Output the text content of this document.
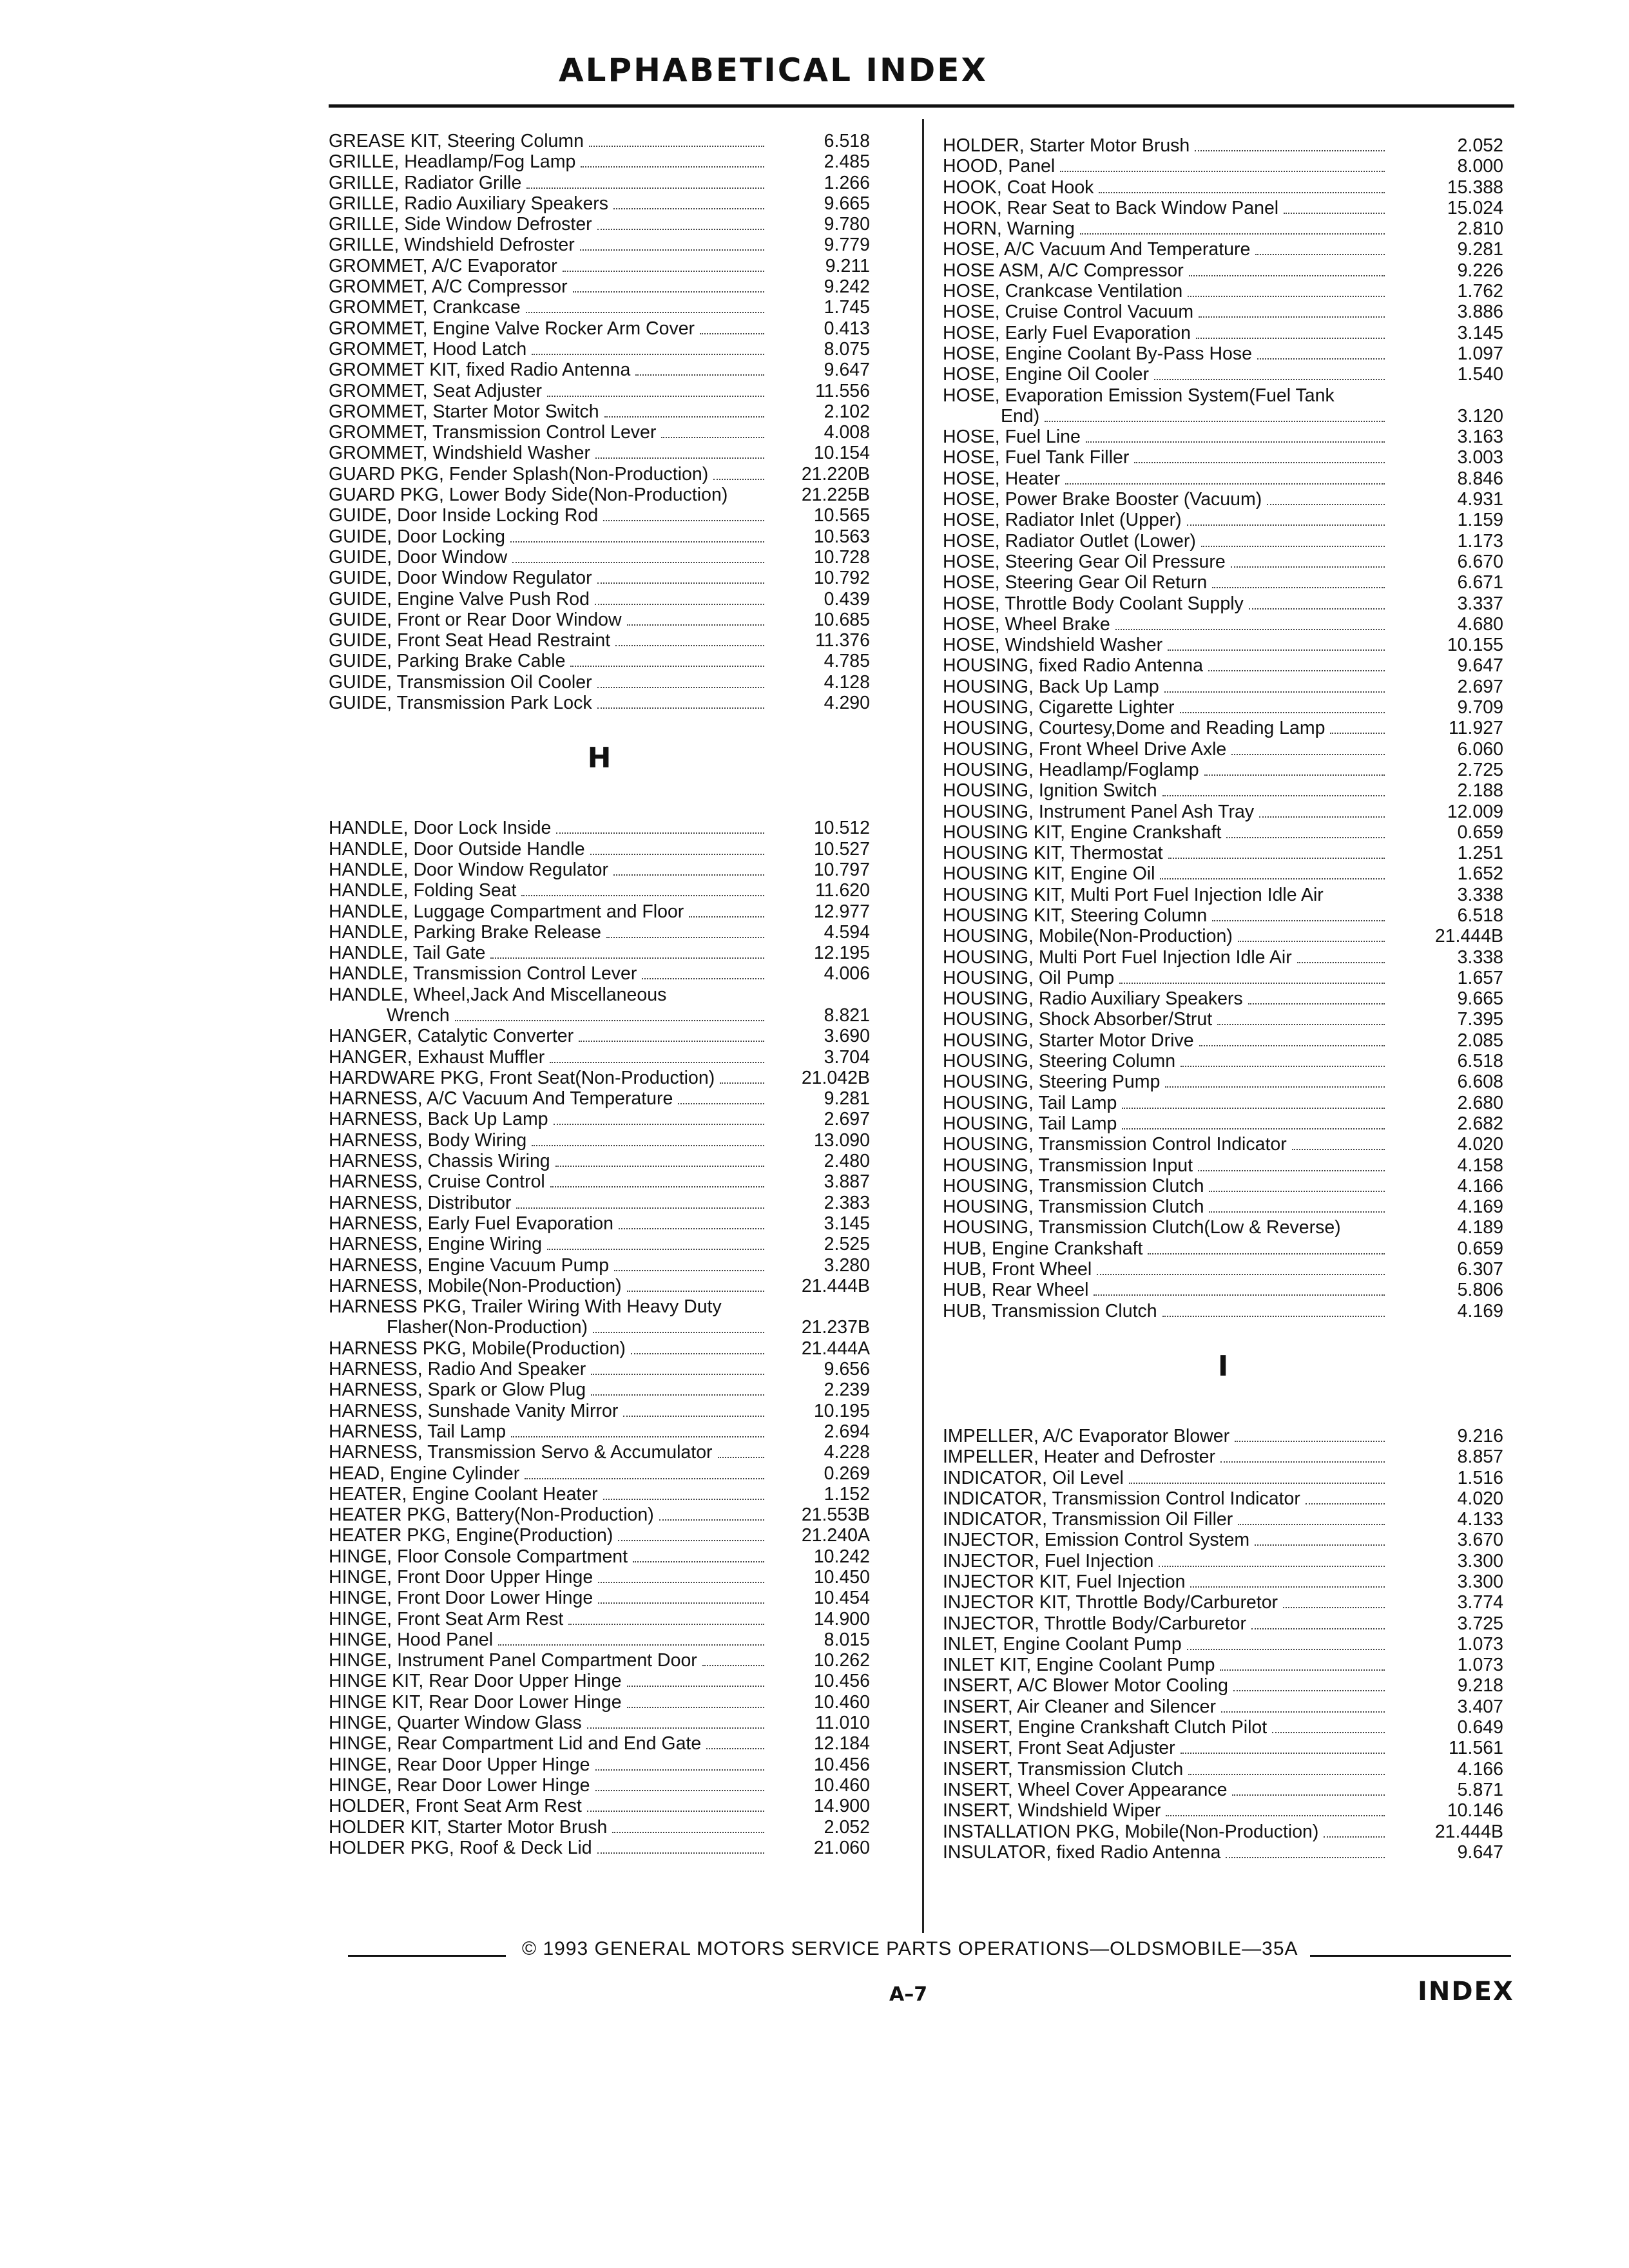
ALPHABETICAL INDEX
GREASE KIT, Steering Column	6.518
GRILLE, Headlamp/Fog Lamp	2.485
GRILLE, Radiator Grille	1.266
GRILLE, Radio Auxiliary Speakers	9.665
GRILLE, Side Window Defroster	9.780
GRILLE, Windshield Defroster	9.779
GROMMET, A/C Evaporator	9.211
GROMMET, A/C Compressor	9.242
GROMMET, Crankcase	1.745
GROMMET, Engine Valve Rocker Arm Cover	0.413
GROMMET, Hood Latch	8.075
GROMMET KIT, fixed Radio Antenna	9.647
GROMMET, Seat Adjuster	11.556
GROMMET, Starter Motor Switch	2.102
GROMMET, Transmission Control Lever	4.008
GROMMET, Windshield Washer	10.154
GUARD PKG, Fender Splash(Non-Production)	21.220B
GUARD PKG, Lower Body Side(Non-Production)	21.225B
GUIDE, Door Inside Locking Rod	10.565
GUIDE, Door Locking	10.563
GUIDE, Door Window	10.728
GUIDE, Door Window Regulator	10.792
GUIDE, Engine Valve Push Rod	0.439
GUIDE, Front or Rear Door Window	10.685
GUIDE, Front Seat Head Restraint	11.376
GUIDE, Parking Brake Cable	4.785
GUIDE, Transmission Oil Cooler	4.128
GUIDE, Transmission Park Lock	4.290
H
HANDLE, Door Lock Inside	10.512
HANDLE, Door Outside Handle	10.527
HANDLE, Door Window Regulator	10.797
HANDLE, Folding Seat	11.620
HANDLE, Luggage Compartment and Floor	12.977
HANDLE, Parking Brake Release	4.594
HANDLE, Tail Gate	12.195
HANDLE, Transmission Control Lever	4.006
HANDLE, Wheel,Jack And Miscellaneous
Wrench	8.821
HANGER, Catalytic Converter	3.690
HANGER, Exhaust Muffler	3.704
HARDWARE PKG, Front Seat(Non-Production)	21.042B
HARNESS, A/C Vacuum And Temperature	9.281
HARNESS, Back Up Lamp	2.697
HARNESS, Body Wiring	13.090
HARNESS, Chassis Wiring	2.480
HARNESS, Cruise Control	3.887
HARNESS, Distributor	2.383
HARNESS, Early Fuel Evaporation	3.145
HARNESS, Engine Wiring	2.525
HARNESS, Engine Vacuum Pump	3.280
HARNESS, Mobile(Non-Production)	21.444B
HARNESS PKG, Trailer Wiring With Heavy Duty
Flasher(Non-Production)	21.237B
HARNESS PKG, Mobile(Production)	21.444A
HARNESS, Radio And Speaker	9.656
HARNESS, Spark or Glow Plug	2.239
HARNESS, Sunshade Vanity Mirror	10.195
HARNESS, Tail Lamp	2.694
HARNESS, Transmission Servo & Accumulator	4.228
HEAD, Engine Cylinder	0.269
HEATER, Engine Coolant Heater	1.152
HEATER PKG, Battery(Non-Production)	21.553B
HEATER PKG, Engine(Production)	21.240A
HINGE, Floor Console Compartment	10.242
HINGE, Front Door Upper Hinge	10.450
HINGE, Front Door Lower Hinge	10.454
HINGE, Front Seat Arm Rest	14.900
HINGE, Hood Panel	8.015
HINGE, Instrument Panel Compartment Door	10.262
HINGE KIT, Rear Door Upper Hinge	10.456
HINGE KIT, Rear Door Lower Hinge	10.460
HINGE, Quarter Window Glass	11.010
HINGE, Rear Compartment Lid and End Gate	12.184
HINGE, Rear Door Upper Hinge	10.456
HINGE, Rear Door Lower Hinge	10.460
HOLDER, Front Seat Arm Rest	14.900
HOLDER KIT, Starter Motor Brush	2.052
HOLDER PKG, Roof & Deck Lid	21.060
HOLDER, Starter Motor Brush	2.052
HOOD, Panel	8.000
HOOK, Coat Hook	15.388
HOOK, Rear Seat to Back Window Panel	15.024
HORN, Warning	2.810
HOSE, A/C Vacuum And Temperature	9.281
HOSE ASM, A/C Compressor	9.226
HOSE, Crankcase Ventilation	1.762
HOSE, Cruise Control Vacuum	3.886
HOSE, Early Fuel Evaporation	3.145
HOSE, Engine Coolant By-Pass Hose	1.097
HOSE, Engine Oil Cooler	1.540
HOSE, Evaporation Emission System(Fuel Tank
End)	3.120
HOSE, Fuel Line	3.163
HOSE, Fuel Tank Filler	3.003
HOSE, Heater	8.846
HOSE, Power Brake Booster (Vacuum)	4.931
HOSE, Radiator Inlet (Upper)	1.159
HOSE, Radiator Outlet (Lower)	1.173
HOSE, Steering Gear Oil Pressure	6.670
HOSE, Steering Gear Oil Return	6.671
HOSE, Throttle Body Coolant Supply	3.337
HOSE, Wheel Brake	4.680
HOSE, Windshield Washer	10.155
HOUSING, fixed Radio Antenna	9.647
HOUSING, Back Up Lamp	2.697
HOUSING, Cigarette Lighter	9.709
HOUSING, Courtesy,Dome and Reading Lamp	11.927
HOUSING, Front Wheel Drive Axle	6.060
HOUSING, Headlamp/Foglamp	2.725
HOUSING, Ignition Switch	2.188
HOUSING, Instrument Panel Ash Tray	12.009
HOUSING KIT, Engine Crankshaft	0.659
HOUSING KIT, Thermostat	1.251
HOUSING KIT, Engine Oil	1.652
HOUSING KIT, Multi Port Fuel Injection Idle Air	3.338
HOUSING KIT, Steering Column	6.518
HOUSING, Mobile(Non-Production)	21.444B
HOUSING, Multi Port Fuel Injection Idle Air	3.338
HOUSING, Oil Pump	1.657
HOUSING, Radio Auxiliary Speakers	9.665
HOUSING, Shock Absorber/Strut	7.395
HOUSING, Starter Motor Drive	2.085
HOUSING, Steering Column	6.518
HOUSING, Steering Pump	6.608
HOUSING, Tail Lamp	2.680
HOUSING, Tail Lamp	2.682
HOUSING, Transmission Control Indicator	4.020
HOUSING, Transmission Input	4.158
HOUSING, Transmission Clutch	4.166
HOUSING, Transmission Clutch	4.169
HOUSING, Transmission Clutch(Low & Reverse)	4.189
HUB, Engine Crankshaft	0.659
HUB, Front Wheel	6.307
HUB, Rear Wheel	5.806
HUB, Transmission Clutch	4.169
I
IMPELLER, A/C Evaporator Blower	9.216
IMPELLER, Heater and Defroster	8.857
INDICATOR, Oil Level	1.516
INDICATOR, Transmission Control Indicator	4.020
INDICATOR, Transmission Oil Filler	4.133
INJECTOR, Emission Control System	3.670
INJECTOR, Fuel Injection	3.300
INJECTOR KIT, Fuel Injection	3.300
INJECTOR KIT, Throttle Body/Carburetor	3.774
INJECTOR, Throttle Body/Carburetor	3.725
INLET, Engine Coolant Pump	1.073
INLET KIT, Engine Coolant Pump	1.073
INSERT, A/C Blower Motor Cooling	9.218
INSERT, Air Cleaner and Silencer	3.407
INSERT, Engine Crankshaft Clutch Pilot	0.649
INSERT, Front Seat Adjuster	11.561
INSERT, Transmission Clutch	4.166
INSERT, Wheel Cover Appearance	5.871
INSERT, Windshield Wiper	10.146
INSTALLATION PKG, Mobile(Non-Production)	21.444B
INSULATOR, fixed Radio Antenna	9.647
© 1993 GENERAL MOTORS SERVICE PARTS OPERATIONS—OLDSMOBILE—35A
A–7	INDEX
